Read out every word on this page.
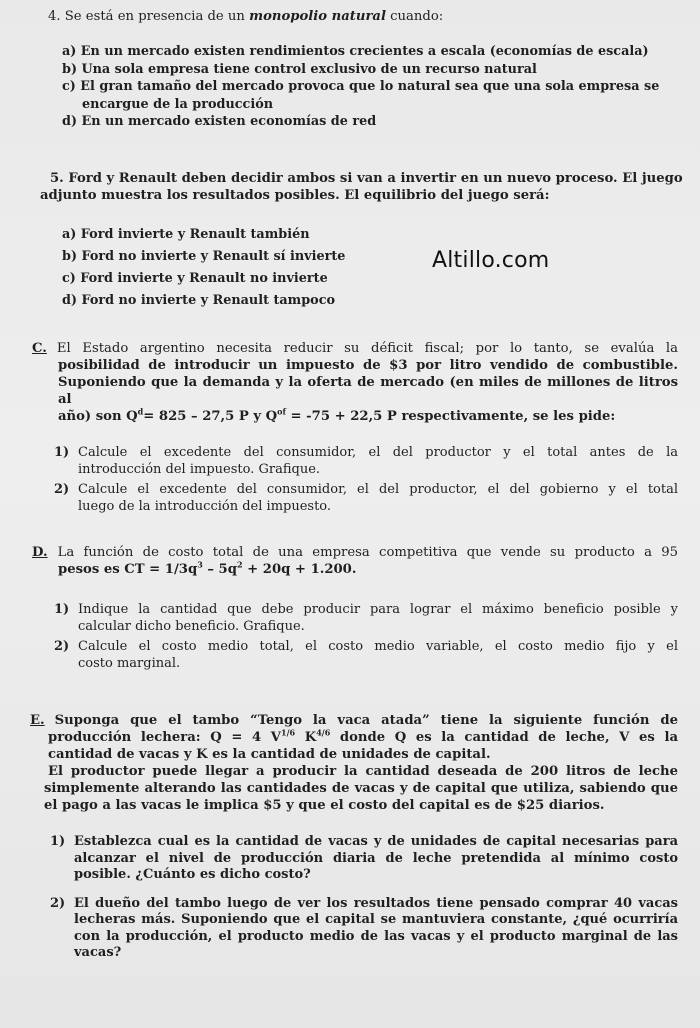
Altillo.com
4. Se está en presencia de un monopolio natural cuando:
a) En un mercado existen rendimientos crecientes a escala (economías de escala)
b) Una sola empresa tiene control exclusivo de un recurso natural
c) El gran tamaño del mercado provoca que lo natural sea que una sola empresa se
encargue de la producción
d) En un mercado existen economías de red
5. Ford y Renault deben decidir ambos si van a invertir en un nuevo proceso. El juego
adjunto muestra los resultados posibles. El equilibrio del juego será:
a) Ford invierte y Renault también
b) Ford no invierte y Renault sí invierte
c) Ford invierte y Renault no invierte
d) Ford no invierte y Renault tampoco
C. El Estado argentino necesita reducir su déficit fiscal; por lo tanto, se evalúa la
posibilidad de introducir un impuesto de $3 por litro vendido de combustible.
Suponiendo que la demanda y la oferta de mercado (en miles de millones de litros al
año) son $Q^d= 825 - 27,5$ P y $Q^{of} = -75 + 22,5$ P respectivamente, se les pide:
1) Calcule el excedente del consumidor, el del productor y el total antes de la
introducción del impuesto. Grafique.
2) Calcule el excedente del consumidor, el del productor, el del gobierno y el total
luego de la introducción del impuesto.
D. La función de costo total de una empresa competitiva que vende su producto a 95
pesos es CT = $1/3q^3 - 5q^2 + 20q + 1.200$.
1) Indique la cantidad que debe producir para lograr el máximo beneficio posible y
calcular dicho beneficio. Grafique.
2) Calcule el costo medio total, el costo medio variable, el costo medio fijo y el
costo marginal.
E. Suponga que el tambo “Tengo la vaca atada” tiene la siguiente función de
producción lechera: Q = 4 $V^{1/6}$ $K^{4/6}$ donde Q es la cantidad de leche, V es la
cantidad de vacas y K es la cantidad de unidades de capital.
El productor puede llegar a producir la cantidad deseada de 200 litros de leche
simplemente alterando las cantidades de vacas y de capital que utiliza, sabiendo que
el pago a las vacas le implica $5 y que el costo del capital es de $25 diarios.
1) Establezca cual es la cantidad de vacas y de unidades de capital necesarias para
alcanzar el nivel de producción diaria de leche pretendida al mínimo costo
posible. ¿Cuánto es dicho costo?
2) El dueño del tambo luego de ver los resultados tiene pensado comprar 40 vacas
lecheras más. Suponiendo que el capital se mantuviera constante, ¿qué ocurriría
con la producción, el producto medio de las vacas y el producto marginal de las
vacas?
